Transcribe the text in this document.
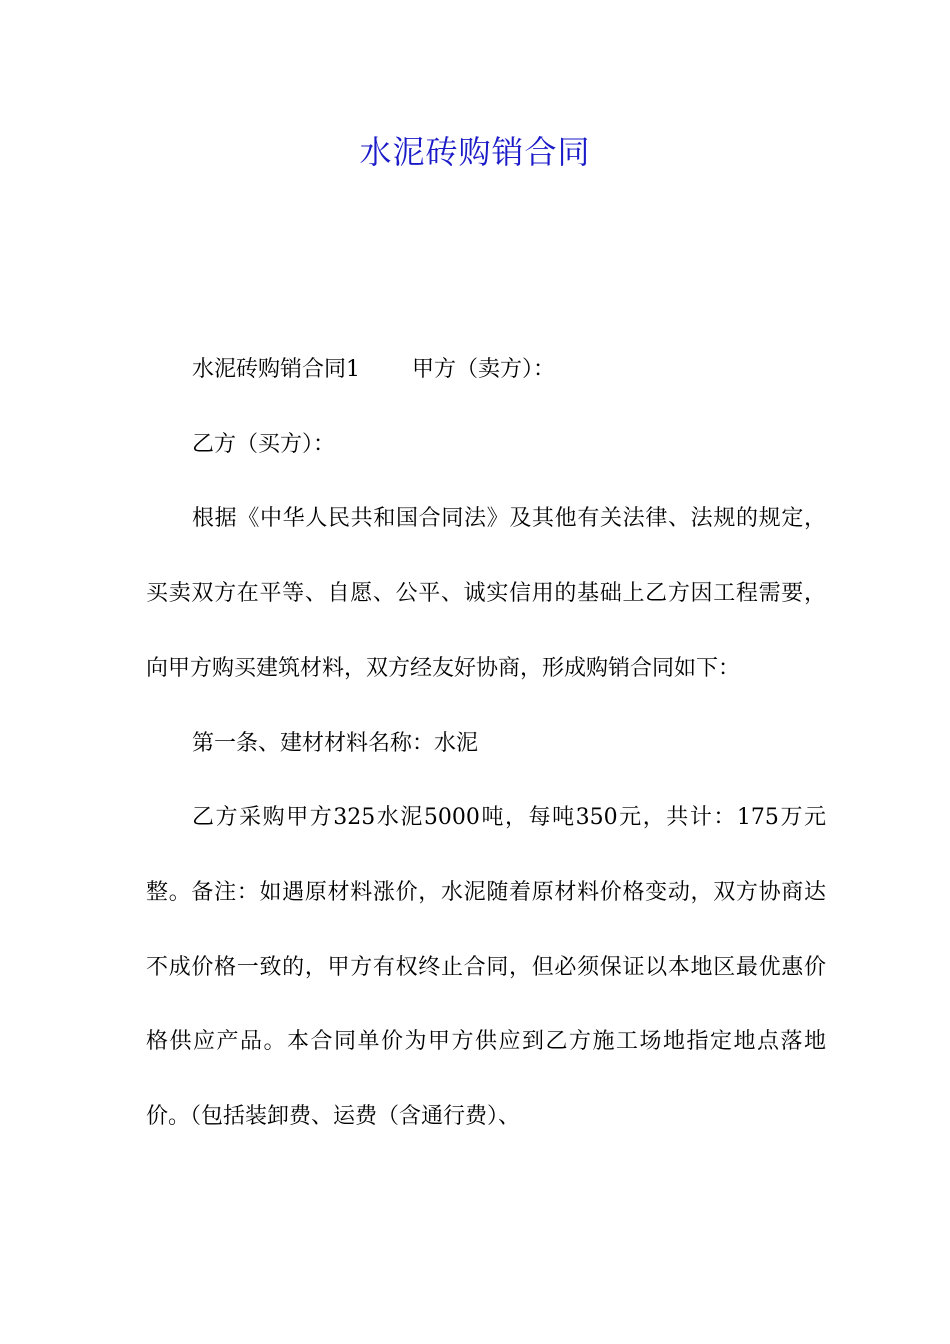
水泥砖购销合同

水泥砖购销合同1 甲方（卖方）：

乙方（买方）：

根据《中华人民共和国合同法》及其他有关法律、法规的规定，买卖双方在平等、自愿、公平、诚实信用的基础上乙方因工程需要，向甲方购买建筑材料，双方经友好协商，形成购销合同如下：

第一条、建材材料名称：水泥

乙方采购甲方325水泥5000吨，每吨350元，共计：175万元整。备注：如遇原材料涨价，水泥随着原材料价格变动，双方协商达不成价格一致的，甲方有权终止合同，但必须保证以本地区最优惠价格供应产品。本合同单价为甲方供应到乙方施工场地指定地点落地价。（包括装卸费、运费（含通行费）、
